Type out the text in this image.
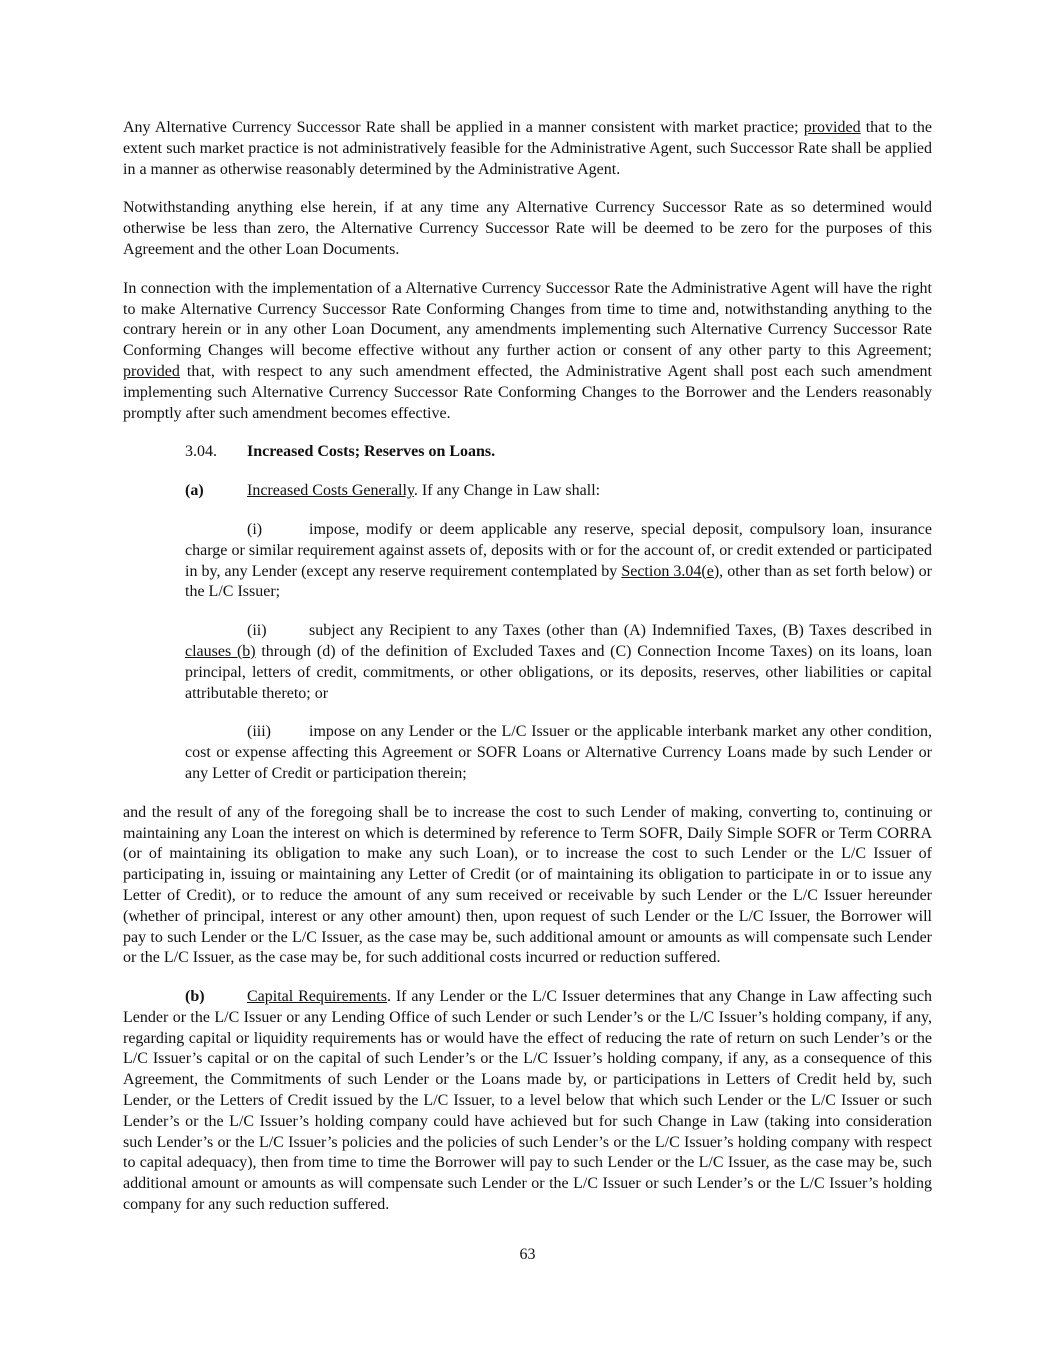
Any Alternative Currency Successor Rate shall be applied in a manner consistent with market practice; provided that to the extent such market practice is not administratively feasible for the Administrative Agent, such Successor Rate shall be applied in a manner as otherwise reasonably determined by the Administrative Agent.
Notwithstanding anything else herein, if at any time any Alternative Currency Successor Rate as so determined would otherwise be less than zero, the Alternative Currency Successor Rate will be deemed to be zero for the purposes of this Agreement and the other Loan Documents.
In connection with the implementation of a Alternative Currency Successor Rate the Administrative Agent will have the right to make Alternative Currency Successor Rate Conforming Changes from time to time and, notwithstanding anything to the contrary herein or in any other Loan Document, any amendments implementing such Alternative Currency Successor Rate Conforming Changes will become effective without any further action or consent of any other party to this Agreement; provided that, with respect to any such amendment effected, the Administrative Agent shall post each such amendment implementing such Alternative Currency Successor Rate Conforming Changes to the Borrower and the Lenders reasonably promptly after such amendment becomes effective.
3.04. Increased Costs; Reserves on Loans.
(a)	Increased Costs Generally. If any Change in Law shall:
(i)	impose, modify or deem applicable any reserve, special deposit, compulsory loan, insurance charge or similar requirement against assets of, deposits with or for the account of, or credit extended or participated in by, any Lender (except any reserve requirement contemplated by Section 3.04(e), other than as set forth below) or the L/C Issuer;
(ii)	subject any Recipient to any Taxes (other than (A) Indemnified Taxes, (B) Taxes described in clauses (b) through (d) of the definition of Excluded Taxes and (C) Connection Income Taxes) on its loans, loan principal, letters of credit, commitments, or other obligations, or its deposits, reserves, other liabilities or capital attributable thereto; or
(iii) impose on any Lender or the L/C Issuer or the applicable interbank market any other condition, cost or expense affecting this Agreement or SOFR Loans or Alternative Currency Loans made by such Lender or any Letter of Credit or participation therein;
and the result of any of the foregoing shall be to increase the cost to such Lender of making, converting to, continuing or maintaining any Loan the interest on which is determined by reference to Term SOFR, Daily Simple SOFR or Term CORRA (or of maintaining its obligation to make any such Loan), or to increase the cost to such Lender or the L/C Issuer of participating in, issuing or maintaining any Letter of Credit (or of maintaining its obligation to participate in or to issue any Letter of Credit), or to reduce the amount of any sum received or receivable by such Lender or the L/C Issuer hereunder (whether of principal, interest or any other amount) then, upon request of such Lender or the L/C Issuer, the Borrower will pay to such Lender or the L/C Issuer, as the case may be, such additional amount or amounts as will compensate such Lender or the L/C Issuer, as the case may be, for such additional costs incurred or reduction suffered.
(b)	Capital Requirements. If any Lender or the L/C Issuer determines that any Change in Law affecting such Lender or the L/C Issuer or any Lending Office of such Lender or such Lender’s or the L/C Issuer’s holding company, if any, regarding capital or liquidity requirements has or would have the effect of reducing the rate of return on such Lender’s or the L/C Issuer’s capital or on the capital of such Lender’s or the L/C Issuer’s holding company, if any, as a consequence of this Agreement, the Commitments of such Lender or the Loans made by, or participations in Letters of Credit held by, such Lender, or the Letters of Credit issued by the L/C Issuer, to a level below that which such Lender or the L/C Issuer or such Lender’s or the L/C Issuer’s holding company could have achieved but for such Change in Law (taking into consideration such Lender’s or the L/C Issuer’s policies and the policies of such Lender’s or the L/C Issuer’s holding company with respect to capital adequacy), then from time to time the Borrower will pay to such Lender or the L/C Issuer, as the case may be, such additional amount or amounts as will compensate such Lender or the L/C Issuer or such Lender’s or the L/C Issuer’s holding company for any such reduction suffered.
63
